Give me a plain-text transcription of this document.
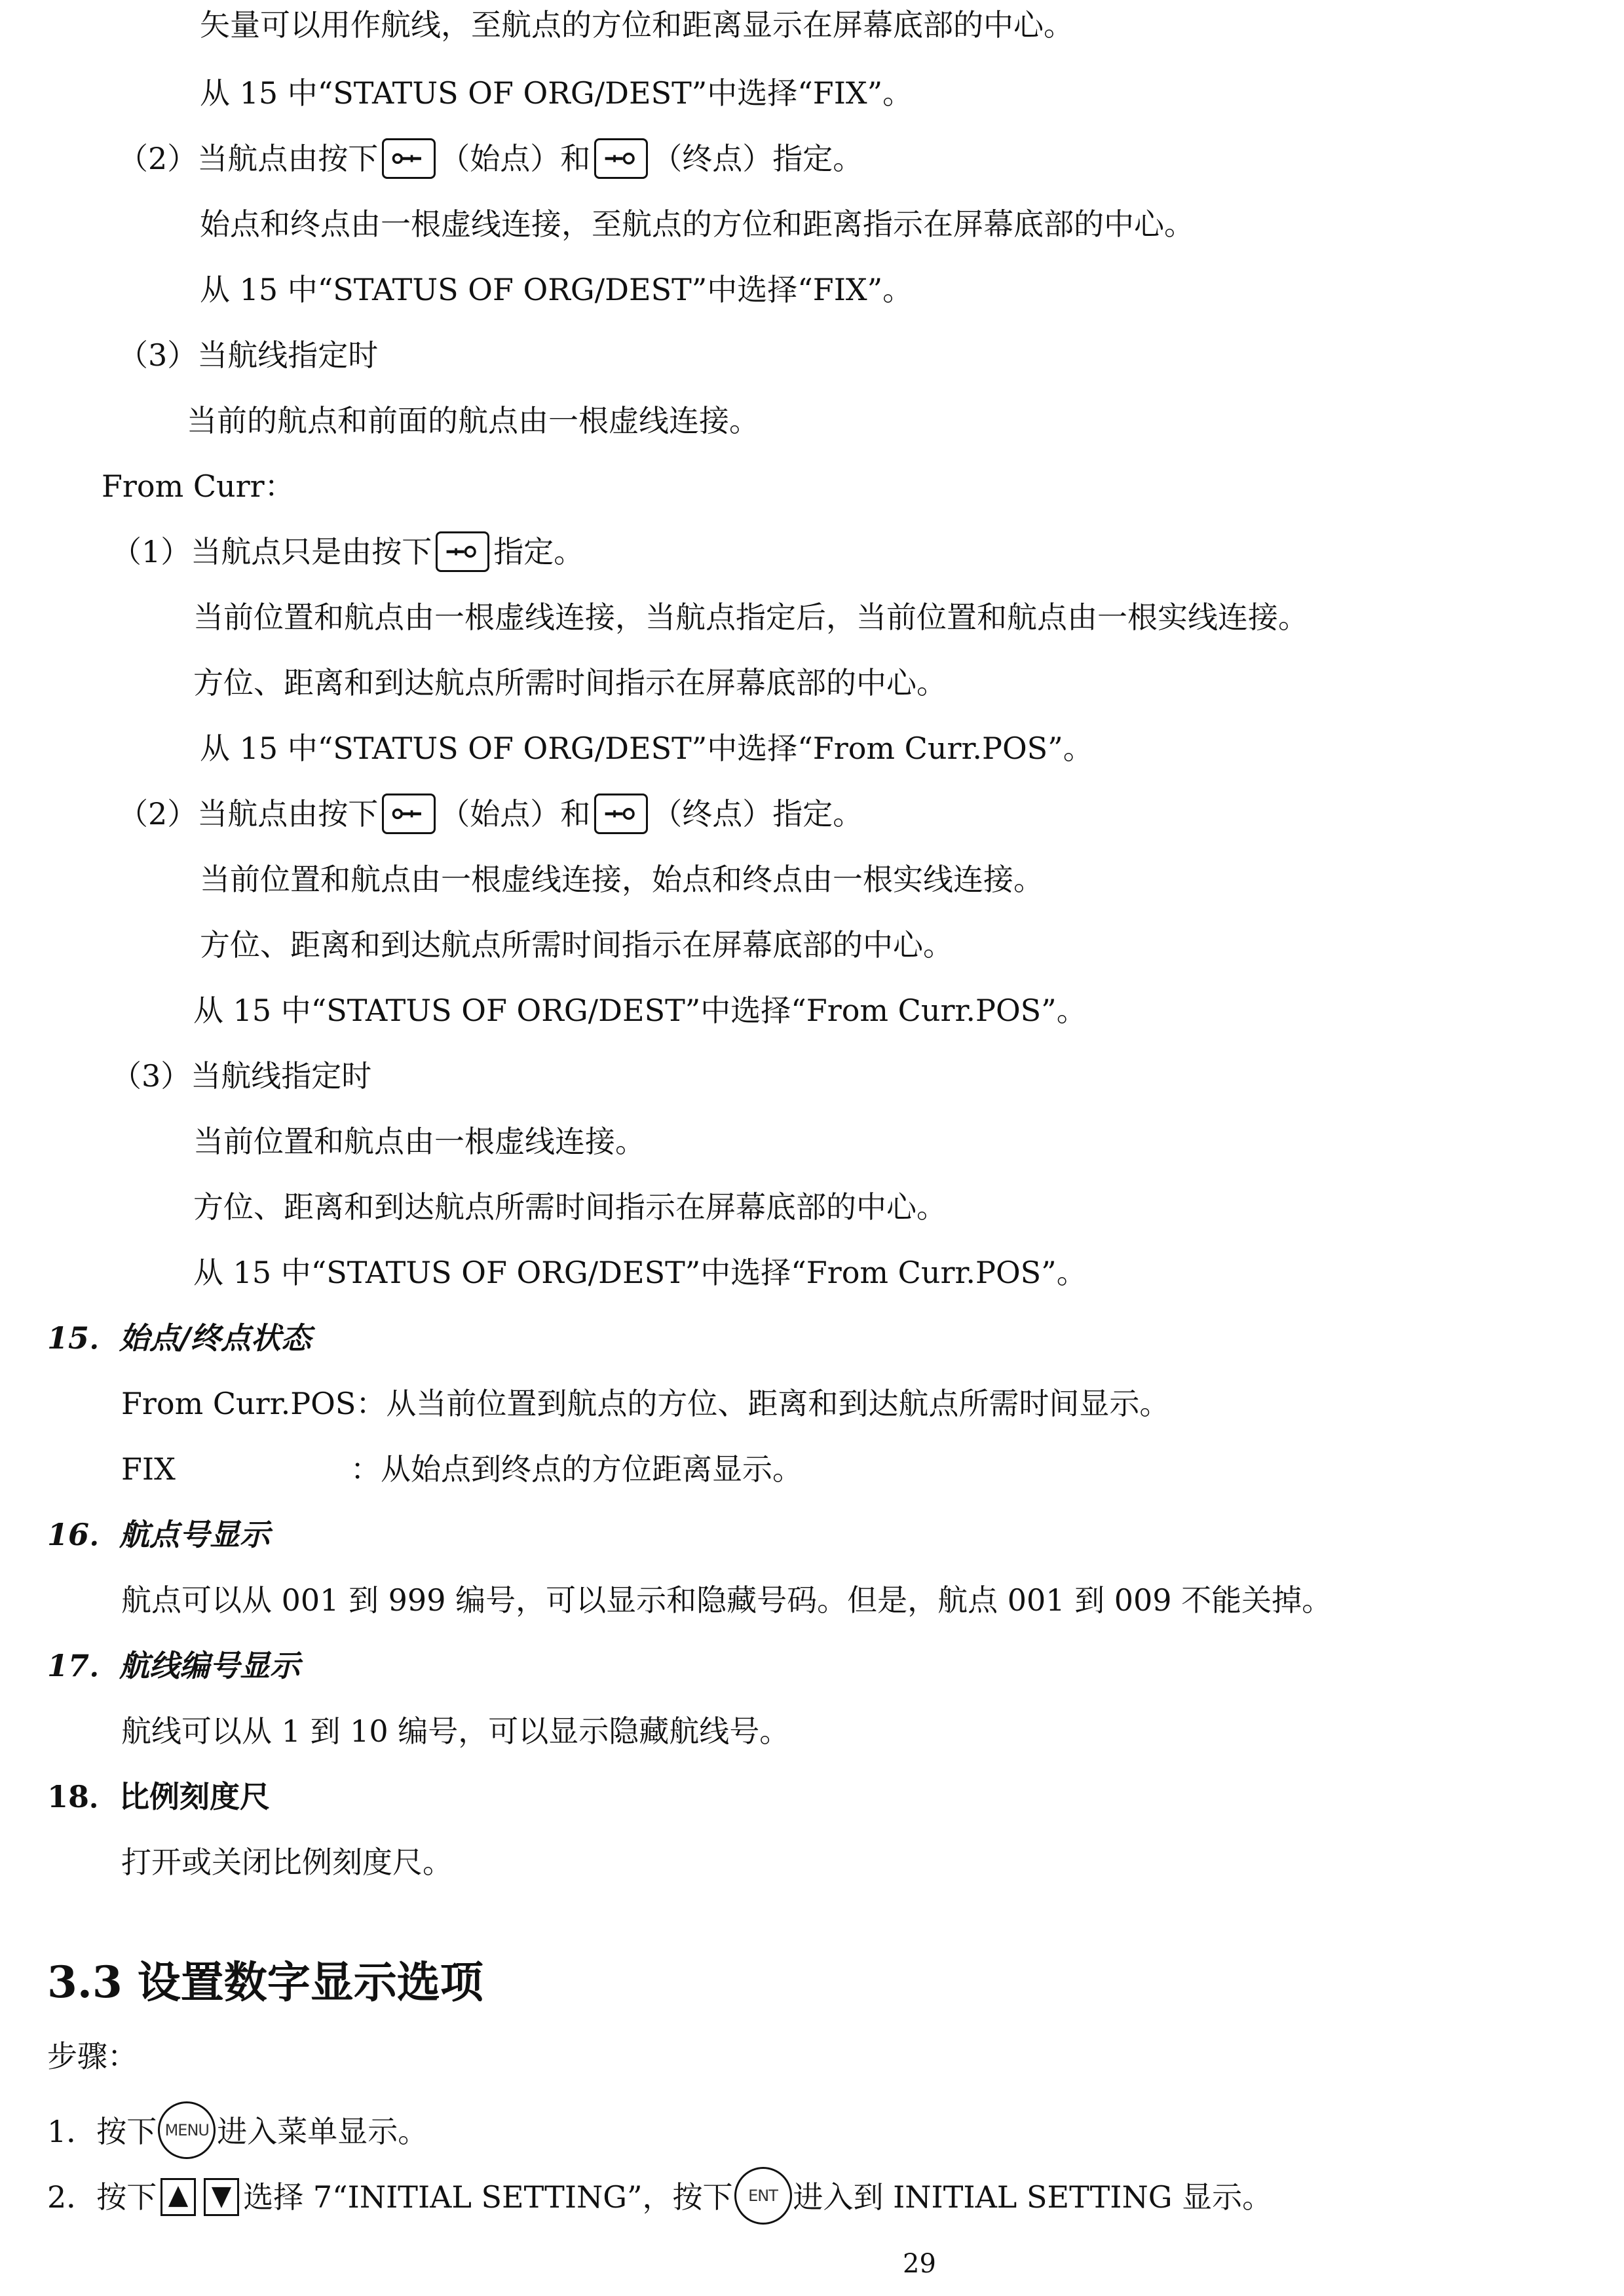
矢量可以用作航线，至航点的方位和距离显示在屏幕底部的中心。
从 15 中“STATUS OF ORG/DEST”中选择“FIX”。
（2）当航点由按下 （始点）和 （终点）指定。
始点和终点由一根虚线连接，至航点的方位和距离指示在屏幕底部的中心。
从 15 中“STATUS OF ORG/DEST”中选择“FIX”。
（3）当航线指定时
当前的航点和前面的航点由一根虚线连接。
From Curr：
（1）当航点只是由按下 指定。
当前位置和航点由一根虚线连接，当航点指定后，当前位置和航点由一根实线连接。
方位、距离和到达航点所需时间指示在屏幕底部的中心。
从 15 中“STATUS OF ORG/DEST”中选择“From Curr.POS”。
（2）当航点由按下 （始点）和 （终点）指定。
当前位置和航点由一根虚线连接，始点和终点由一根实线连接。
方位、距离和到达航点所需时间指示在屏幕底部的中心。
从 15 中“STATUS OF ORG/DEST”中选择“From Curr.POS”。
（3）当航线指定时
当前位置和航点由一根虚线连接。
方位、距离和到达航点所需时间指示在屏幕底部的中心。
从 15 中“STATUS OF ORG/DEST”中选择“From Curr.POS”。
15．始点/终点状态
From Curr.POS：从当前位置到航点的方位、距离和到达航点所需时间显示。
FIX	：从始点到终点的方位距离显示。
16．航点号显示
航点可以从 001 到 999 编号，可以显示和隐藏号码。但是，航点 001 到 009 不能关掉。
17．航线编号显示
航线可以从 1 到 10 编号，可以显示隐藏航线号。
18．比例刻度尺
打开或关闭比例刻度尺。
3.3 设置数字显示选项
步骤：
1．按下 MENU 进入菜单显示。
2．按下	选择 7“INITIAL SETTING”，按下 ENT 进入到 INITIAL SETTING 显示。
29
